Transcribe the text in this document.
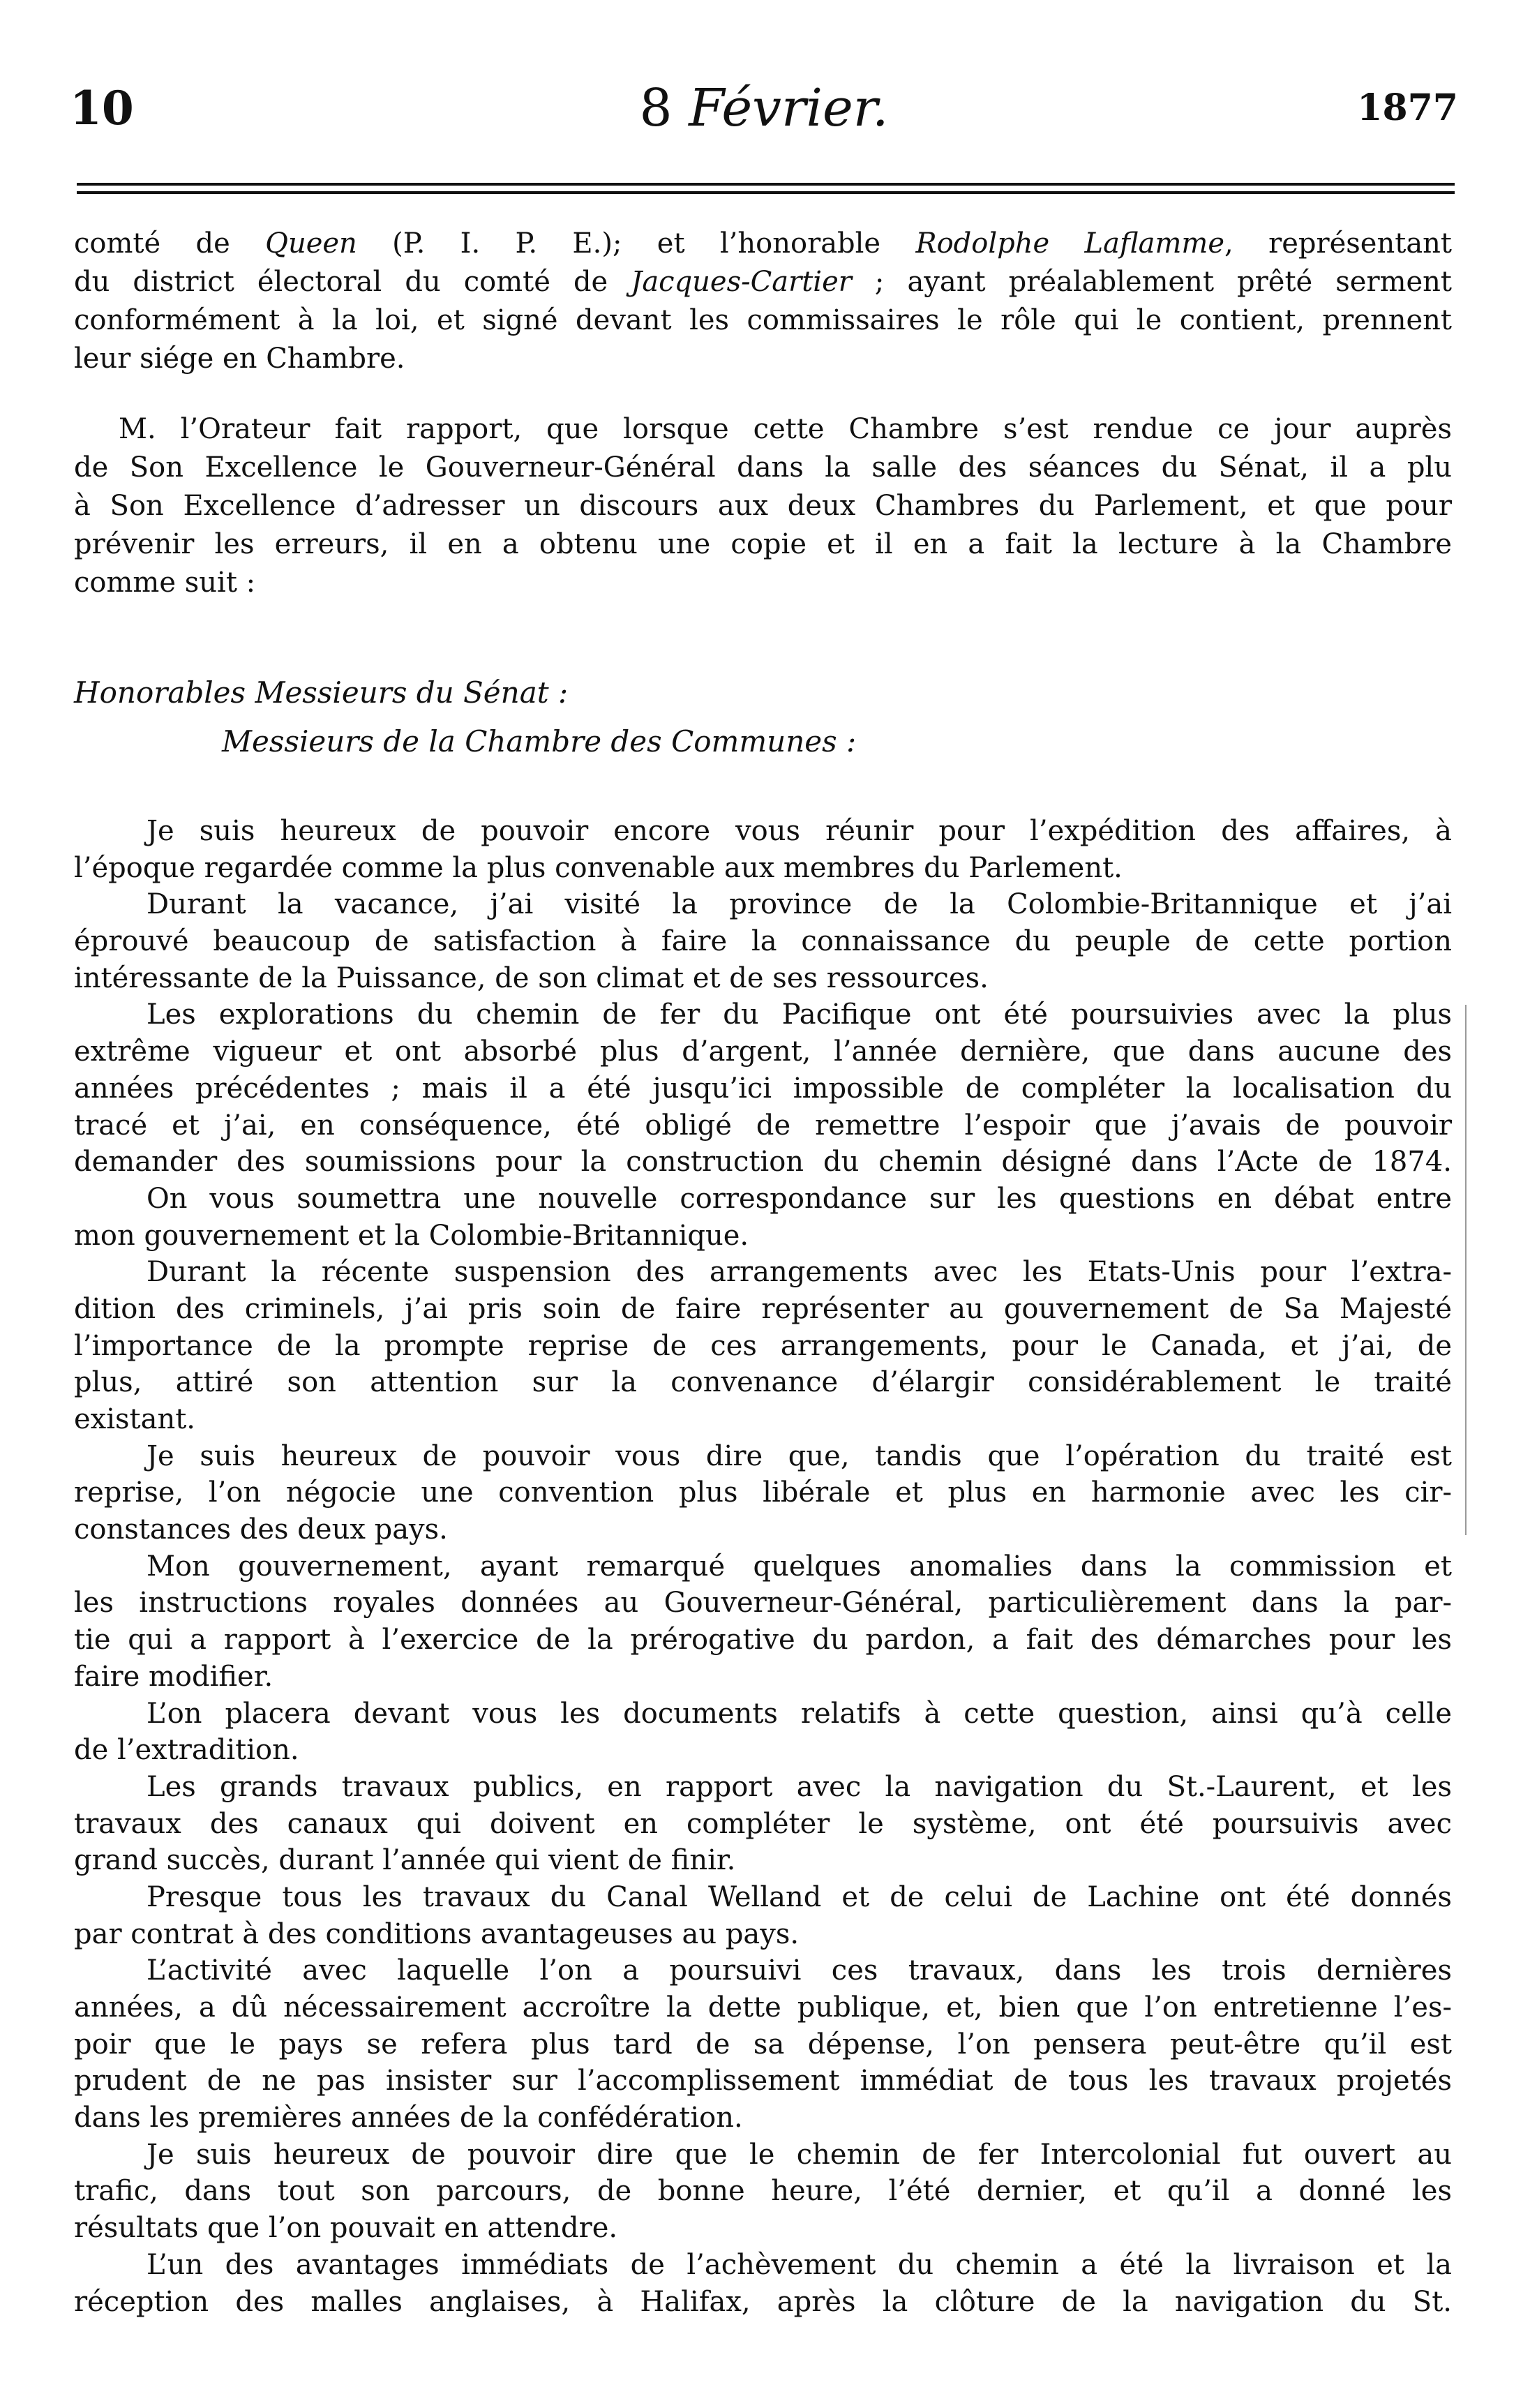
10	8 Février.	1877
comté de Queen (P. I. P. E.); et l’honorable Rodolphe Laflamme, représentant
du district électoral du comté de Jacques-Cartier ; ayant préalablement prêté serment
conformément à la loi, et signé devant les commissaires le rôle qui le contient, prennent
leur siége en Chambre.
M. l’Orateur fait rapport, que lorsque cette Chambre s’est rendue ce jour auprès
de Son Excellence le Gouverneur-Général dans la salle des séances du Sénat, il a plu
à Son Excellence d’adresser un discours aux deux Chambres du Parlement, et que pour
prévenir les erreurs, il en a obtenu une copie et il en a fait la lecture à la Chambre
comme suit :
Honorables Messieurs du Sénat :
Messieurs de la Chambre des Communes :
Je suis heureux de pouvoir encore vous réunir pour l’expédition des affaires, à
l’époque regardée comme la plus convenable aux membres du Parlement.
Durant la vacance, j’ai visité la province de la Colombie-Britannique et j’ai
éprouvé beaucoup de satisfaction à faire la connaissance du peuple de cette portion
intéressante de la Puissance, de son climat et de ses ressources.
Les explorations du chemin de fer du Pacifique ont été poursuivies avec la plus
extrême vigueur et ont absorbé plus d’argent, l’année dernière, que dans aucune des
années précédentes ; mais il a été jusqu’ici impossible de compléter la localisation du
tracé et j’ai, en conséquence, été obligé de remettre l’espoir que j’avais de pouvoir
demander des soumissions pour la construction du chemin désigné dans l’Acte de 1874.
On vous soumettra une nouvelle correspondance sur les questions en débat entre
mon gouvernement et la Colombie-Britannique.
Durant la récente suspension des arrangements avec les Etats-Unis pour l’extra-
dition des criminels, j’ai pris soin de faire représenter au gouvernement de Sa Majesté
l’importance de la prompte reprise de ces arrangements, pour le Canada, et j’ai, de
plus, attiré son attention sur la convenance d’élargir considérablement le traité
existant.
Je suis heureux de pouvoir vous dire que, tandis que l’opération du traité est
reprise, l’on négocie une convention plus libérale et plus en harmonie avec les cir-
constances des deux pays.
Mon gouvernement, ayant remarqué quelques anomalies dans la commission et
les instructions royales données au Gouverneur-Général, particulièrement dans la par-
tie qui a rapport à l’exercice de la prérogative du pardon, a fait des démarches pour les
faire modifier.
L’on placera devant vous les documents relatifs à cette question, ainsi qu’à celle
de l’extradition.
Les grands travaux publics, en rapport avec la navigation du St.-Laurent, et les
travaux des canaux qui doivent en compléter le système, ont été poursuivis avec
grand succès, durant l’année qui vient de finir.
Presque tous les travaux du Canal Welland et de celui de Lachine ont été donnés
par contrat à des conditions avantageuses au pays.
L’activité avec laquelle l’on a poursuivi ces travaux, dans les trois dernières
années, a dû nécessairement accroître la dette publique, et, bien que l’on entretienne l’es-
poir que le pays se refera plus tard de sa dépense, l’on pensera peut-être qu’il est
prudent de ne pas insister sur l’accomplissement immédiat de tous les travaux projetés
dans les premières années de la confédération.
Je suis heureux de pouvoir dire que le chemin de fer Intercolonial fut ouvert au
trafic, dans tout son parcours, de bonne heure, l’été dernier, et qu’il a donné les
résultats que l’on pouvait en attendre.
L’un des avantages immédiats de l’achèvement du chemin a été la livraison et la
réception des malles anglaises, à Halifax, après la clôture de la navigation du St.
